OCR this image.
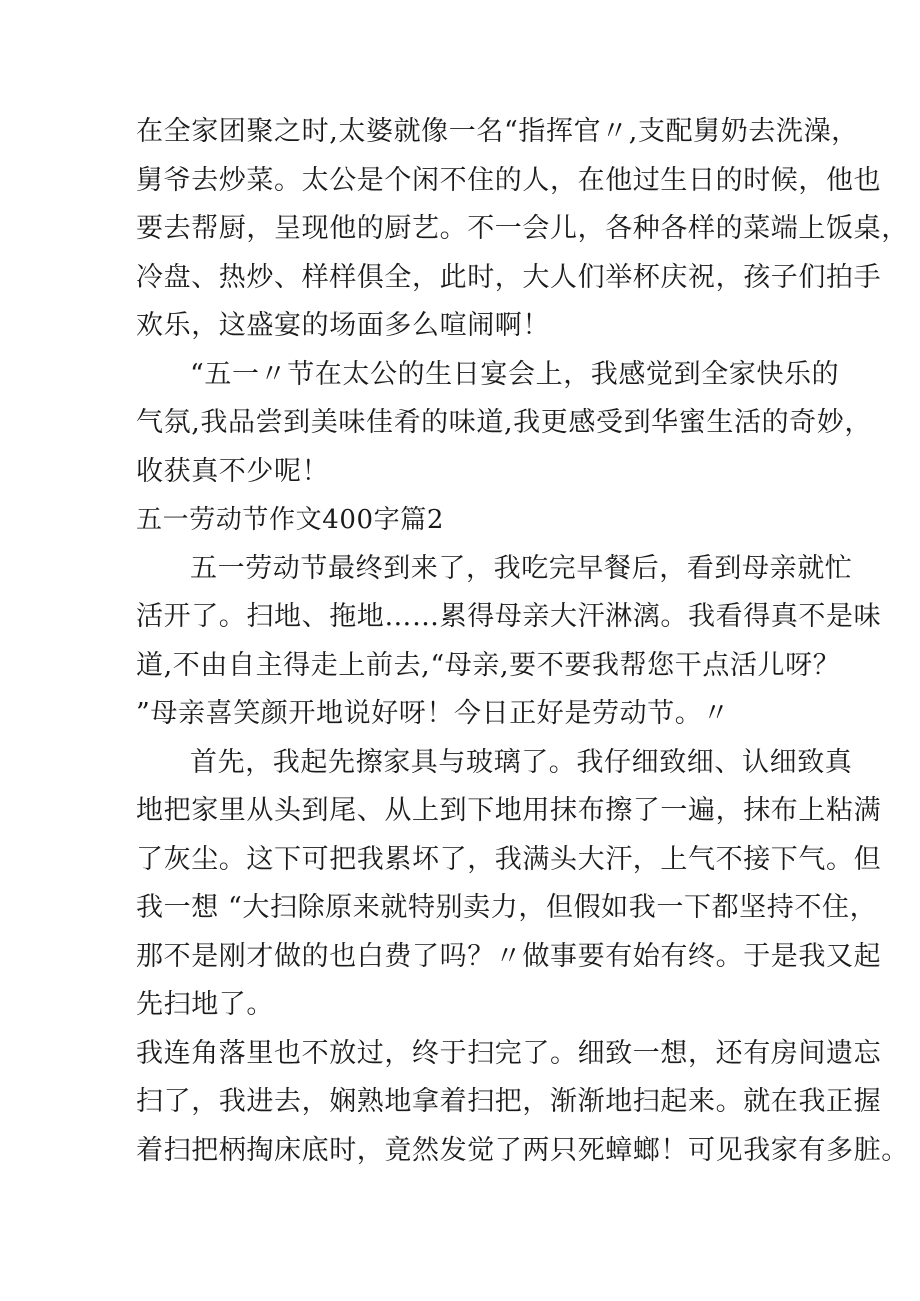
在全家团聚之时,太婆就像一名“指挥官〃,支配舅奶去洗澡，
舅爷去炒菜。太公是个闲不住的人，在他过生日的时候，他也
要去帮厨，呈现他的厨艺。不一会儿，各种各样的菜端上饭桌，
冷盘、热炒、样样俱全，此时，大人们举杯庆祝，孩子们拍手
欢乐，这盛宴的场面多么喧闹啊！
“五一〃节在太公的生日宴会上，我感觉到全家快乐的
气氛,我品尝到美味佳肴的味道,我更感受到华蜜生活的奇妙，
收获真不少呢！
五一劳动节作文400字篇2
五一劳动节最终到来了，我吃完早餐后，看到母亲就忙
活开了。扫地、拖地……累得母亲大汗淋漓。我看得真不是味
道,不由自主得走上前去,“母亲,要不要我帮您干点活儿呀？
”母亲喜笑颜开地说好呀！今日正好是劳动节。〃
首先，我起先擦家具与玻璃了。我仔细致细、认细致真
地把家里从头到尾、从上到下地用抹布擦了一遍，抹布上粘满
了灰尘。这下可把我累坏了，我满头大汗，上气不接下气。但
我一想 “大扫除原来就特别卖力，但假如我一下都坚持不住，
那不是刚才做的也白费了吗？〃做事要有始有终。于是我又起
先扫地了。
我连角落里也不放过，终于扫完了。细致一想，还有房间遗忘
扫了，我进去，娴熟地拿着扫把，渐渐地扫起来。就在我正握
着扫把柄掏床底时，竟然发觉了两只死蟑螂！可见我家有多脏。
